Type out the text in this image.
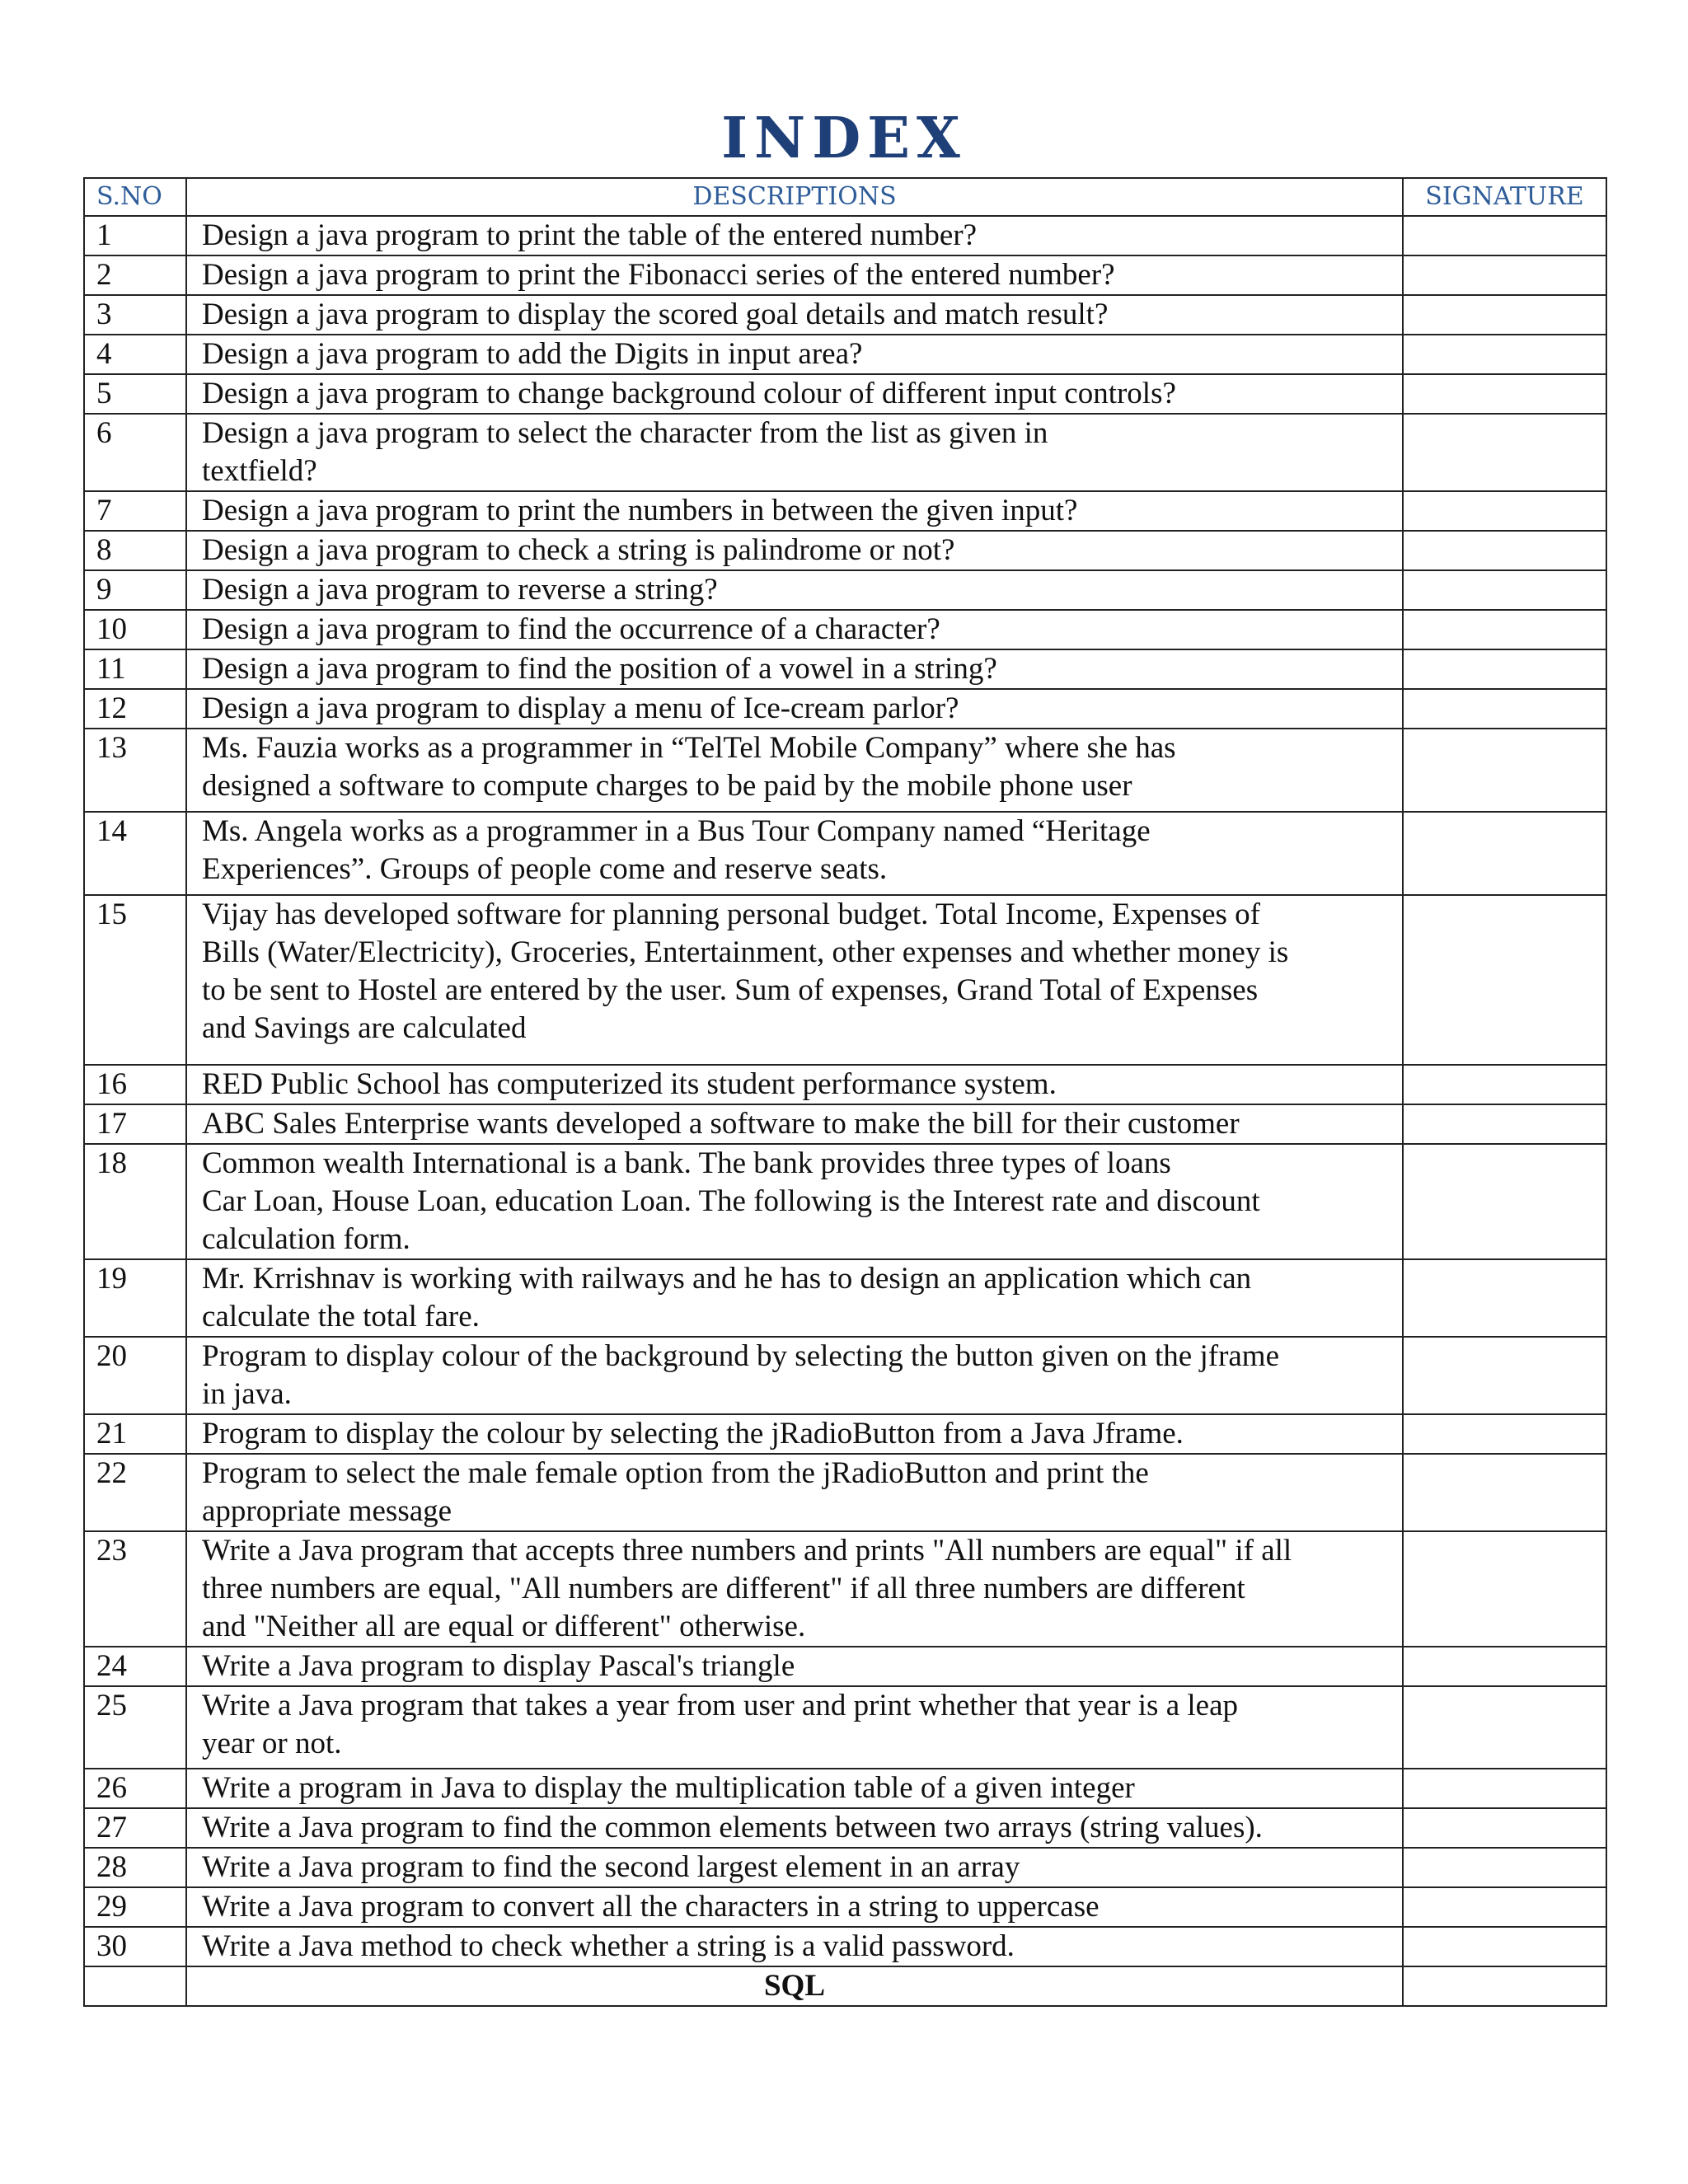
INDEX
S.NO	DESCRIPTIONS	SIGNATURE
1	Design a java program to print the table of the entered number?	
2	Design a java program to print the Fibonacci series of the entered number?	
3	Design a java program to display the scored goal details and match result?	
4	Design a java program to add the Digits in input area?	
5	Design a java program to change background colour of different input controls?	
6	Design a java program to select the character from the list as given in
textfield?	
7	Design a java program to print the numbers in between the given input?	
8	Design a java program to check a string is palindrome or not?	
9	Design a java program to reverse a string?	
10	Design a java program to find the occurrence of a character?	
11	Design a java program to find the position of a vowel in a string?	
12	Design a java program to display a menu of Ice-cream parlor?	
13	Ms. Fauzia works as a programmer in “TelTel Mobile Company” where she has
designed a software to compute charges to be paid by the mobile phone user	
14	Ms. Angela works as a programmer in a Bus Tour Company named “Heritage
Experiences”. Groups of people come and reserve seats.	
15	Vijay has developed software for planning personal budget. Total Income, Expenses of
Bills (Water/Electricity), Groceries, Entertainment, other expenses and whether money is
to be sent to Hostel are entered by the user. Sum of expenses, Grand Total of Expenses
and Savings are calculated	
16	RED Public School has computerized its student performance system.	
17	ABC Sales Enterprise wants developed a software to make the bill for their customer	
18	Common wealth International is a bank. The bank provides three types of loans
Car Loan, House Loan, education Loan. The following is the Interest rate and discount
calculation form.	
19	Mr. Krrishnav is working with railways and he has to design an application which can
calculate the total fare.	
20	Program to display colour of the background by selecting the button given on the jframe
in java.	
21	Program to display the colour by selecting the jRadioButton from a Java Jframe.	
22	Program to select the male female option from the jRadioButton and print the
appropriate message	
23	Write a Java program that accepts three numbers and prints "All numbers are equal" if all
three numbers are equal, "All numbers are different" if all three numbers are different
and "Neither all are equal or different" otherwise.	
24	Write a Java program to display Pascal's triangle	
25	Write a Java program that takes a year from user and print whether that year is a leap
year or not.	
26	Write a program in Java to display the multiplication table of a given integer	
27	Write a Java program to find the common elements between two arrays (string values).	
28	Write a Java program to find the second largest element in an array	
29	Write a Java program to convert all the characters in a string to uppercase	
30	Write a Java method to check whether a string is a valid password.	
	SQL	
